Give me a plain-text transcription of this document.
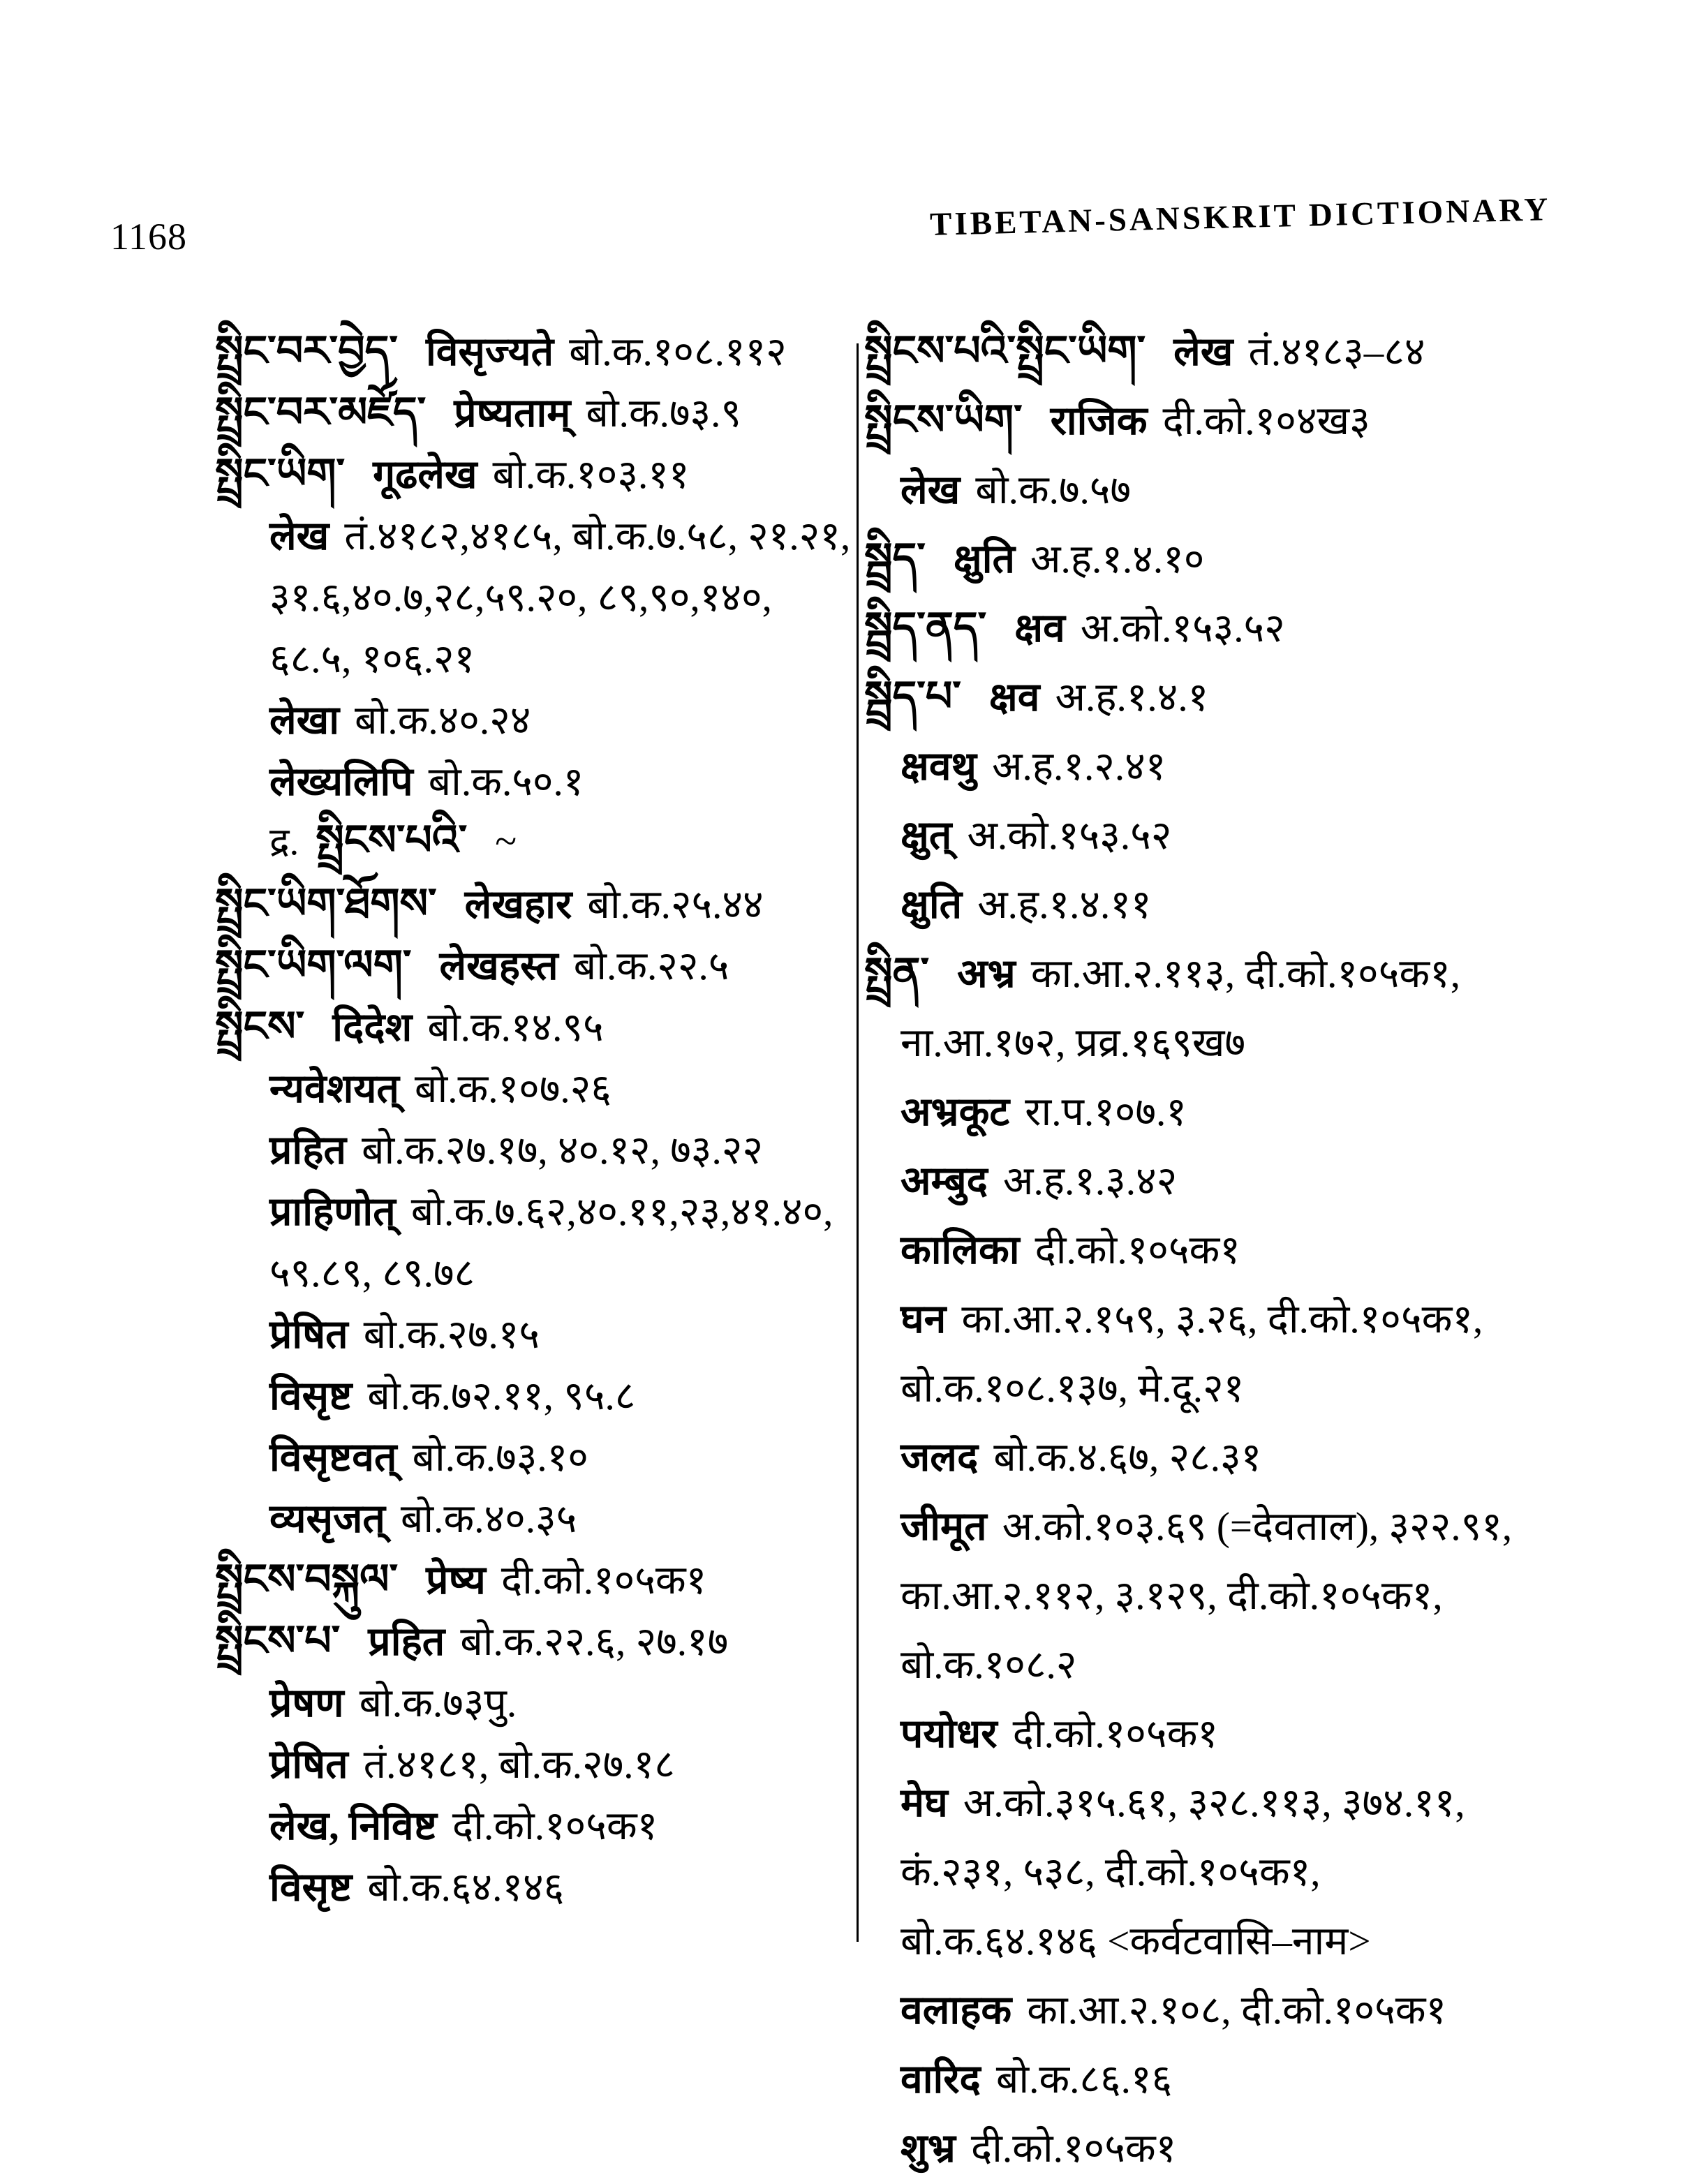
1168	TIBETAN-SANSKRIT DICTIONARY
སྤྲིང་བར་བྱེད་ विसृज्यते बो.क.१०८.११२
སྤྲིང་བར་མཛོད་ प्रेष्यताम् बो.क.७३.९
སྤྲིང་ཡིག་ गूढलेख बो.क.१०३.११
लेख तं.४१८२,४१८५, बो.क.७.५८, २१.२१,
३१.६,४०.७,२८,५९.२०, ८९,९०,१४०,
६८.५, १०६.२१
लेखा बो.क.४०.२४
लेख्यलिपि बो.क.५०.१
द्र. སྤྲིངས་པའི་ ~
སྤྲིང་ཡིག་ཐོགས་ लेखहार बो.क.२५.४४
སྤྲིང་ཡིག་ལག་ लेखहस्त बो.क.२२.५
སྤྲིངས་ दिदेश बो.क.१४.९५
न्यवेशयत् बो.क.१०७.२६
प्रहित बो.क.२७.१७, ४०.१२, ७३.२२
प्राहिणोत् बो.क.७.६२,४०.११,२३,४१.४०,
५९.८९, ८९.७८
प्रेषित बो.क.२७.१५
विसृष्ट बो.क.७२.११, ९५.८
विसृष्टवत् बो.क.७३.१०
व्यसृजत् बो.क.४०.३५
སྤྲིངས་བསྐུལ་ प्रेष्य दी.को.१०५क१
སྤྲིངས་པ་ प्रहित बो.क.२२.६, २७.१७
प्रेषण बो.क.७३पु.
प्रेषित तं.४१८१, बो.क.२७.१८
लेख, निविष्ट दी.को.१०५क१
विसृष्ट बो.क.६४.१४६
སྤྲིངས་པའི་སྤྲིང་ཡིག་ लेख तं.४१८३–८४
སྤྲིངས་ཡིག་ राजिक दी.को.१०४ख३
लेख बो.क.७.५७
སྦྲིད་ क्षुति अ.ह.१.४.१०
སྦྲིད་ནད་ क्षव अ.को.१५३.५२
སྦྲིད་པ་ क्षव अ.ह.१.४.१
क्षवथु अ.ह.१.२.४१
क्षुत् अ.को.१५३.५२
क्षुति अ.ह.१.४.११
སྤྲིན་ अभ्र का.आ.२.११३, दी.को.१०५क१,
ना.आ.१७२, प्रव्र.१६९ख७
अभ्रकूट रा.प.१०७.१
अम्बुद अ.ह.१.३.४२
कालिका दी.को.१०५क१
घन का.आ.२.१५९, ३.२६, दी.को.१०५क१,
बो.क.१०८.१३७, मे.दू.२१
जलद बो.क.४.६७, २८.३१
जीमूत अ.को.१०३.६९ (=देवताल), ३२२.९१,
का.आ.२.११२, ३.१२९, दी.को.१०५क१,
बो.क.१०८.२
पयोधर दी.को.१०५क१
मेघ अ.को.३१५.६१, ३२८.११३, ३७४.११,
कं.२३१, ५३८, दी.को.१०५क१,
बो.क.६४.१४६ <कर्वटवासि–नाम>
वलाहक का.आ.२.१०८, दी.को.१०५क१
वारिद बो.क.८६.१६
शुभ्र दी.को.१०५क१
